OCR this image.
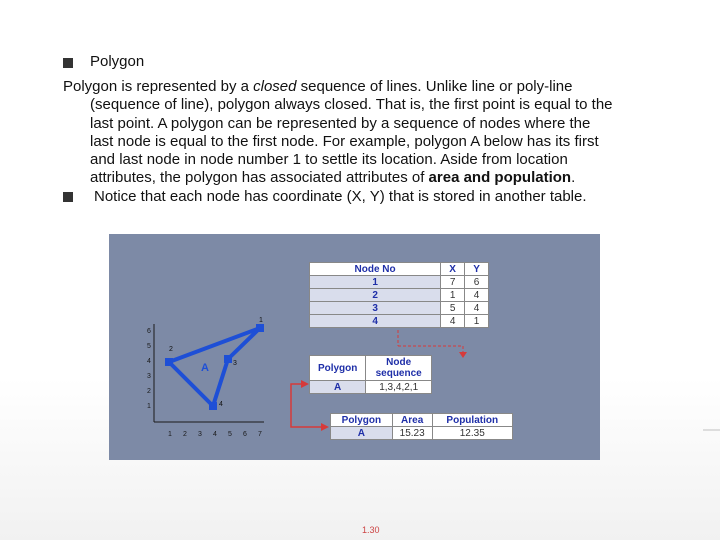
Polygon
Polygon is represented by a closed sequence of lines. Unlike line or poly-line
(sequence of line), polygon always closed. That is, the first point is equal to the
last point. A polygon can be represented by a sequence of nodes where the
last node is equal to the first node. For example, polygon A below has its first
and last node in node number 1 to settle its location. Aside from location
attributes, the polygon has associated attributes of area and population.
Notice that each node has coordinate (X, Y) that is stored in another table.
6
5
4
3
2
1
1 2 3 4 5 6 7
1
2
3
4
A
Node No	X	Y
1	7	6
2	1	4
3	5	4
4	4	1
Polygon	Node
sequence
A	1,3,4,2,1
Polygon	Area	Population
A	15.23	12.35
1.30
